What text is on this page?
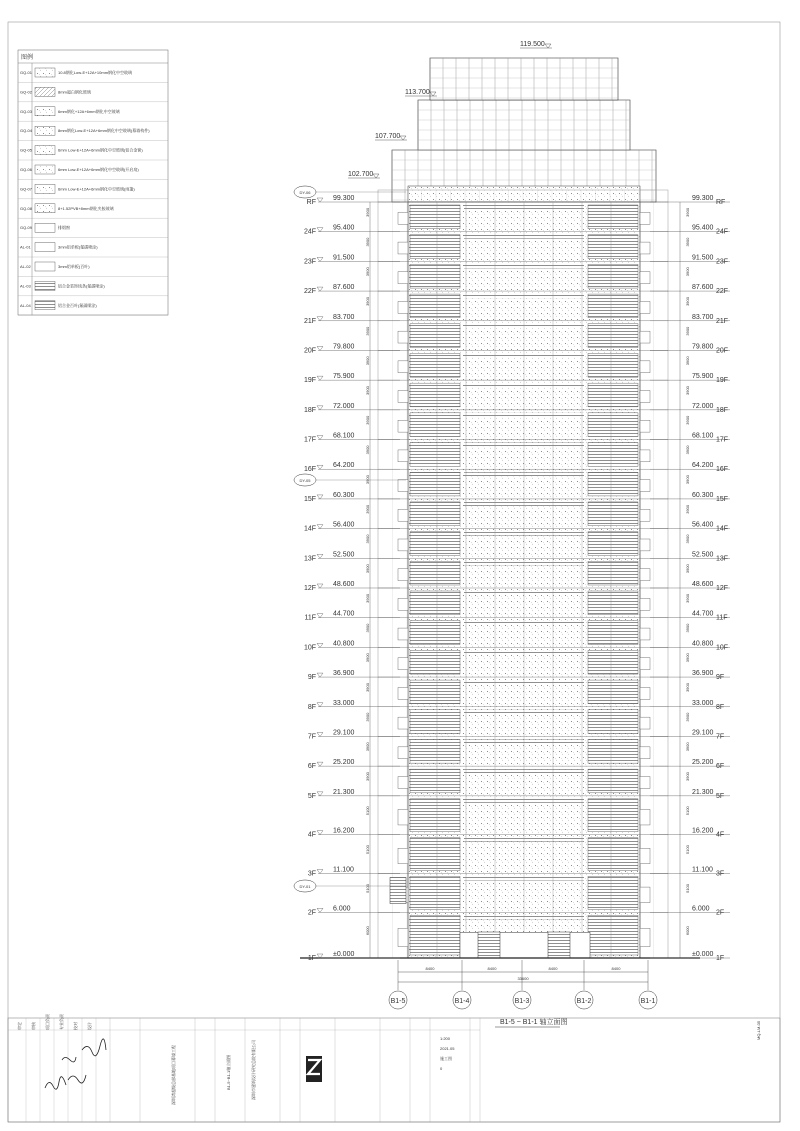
图例
GQ-01	10.8钢化Low-E+12A+10mm钢化中空玻璃
GQ-02	8mm超白钢化玻璃
GQ-03	6mm钢化+12A+6mm钢化中空玻璃
GQ-04	8mm钢化Low-E+12A+6mm钢化中空玻璃(幕墙构件)
GQ-05	6mm Low-E+12A+6mm钢化中空玻璃(铝合金窗)
GQ-06	6mm Low-E+12A+6mm钢化中空玻璃(开启扇)
GQ-07	6mm Low-E+12A+6mm钢化中空玻璃(雨篷)
GQ-08	8+1.52PVB+8mm钢化夹胶玻璃
GQ-09	排烟窗
AL-01	3mm铝单板(氟碳喷涂)
AL-02	3mm铝单板(百叶)
AL-03	铝合金装饰线条(氟碳喷涂)
AL-04	铝合金百叶(氟碳喷涂)
RF
99.300
24F
95.400
23F
91.500
22F
87.600
21F
83.700
20F
79.800
19F
75.900
18F
72.000
17F
68.100
16F
64.200
15F
60.300
14F
56.400
13F
52.500
12F
48.600
11F
44.700
10F
40.800
9F
36.900
8F
33.000
7F
29.100
6F
25.200
5F
21.300
4F
16.200
3F
11.100
2F
6.000
1F
±0.000
3900
3900
3900
3900
3900
3900
3900
3900
3900
3900
3900
3900
3900
3900
3900
3900
3900
3900
3900
3900
5100
5100
5100
6000
DY-06
DY-05
DY-01
99.300
RF
95.400
24F
91.500
23F
87.600
22F
83.700
21F
79.800
20F
75.900
19F
72.000
18F
68.100
17F
64.200
16F
60.300
15F
56.400
14F
52.500
13F
48.600
12F
44.700
11F
40.800
10F
36.900
9F
33.000
8F
29.100
7F
25.200
6F
21.300
5F
16.200
4F
11.100
3F
6.000
2F
±0.000
1F
3900
3900
3900
3900
3900
3900
3900
3900
3900
3900
3900
3900
3900
3900
3900
3900
3900
3900
3900
3900
5100
5100
5100
6000
119.500
113.700
107.700
102.700
B1-5	B1-4	B1-3	B1-2	B1-1
8400	8400	8400	8400
33600
B1-5 ~ B1-1 轴立面图	MQ-LM-05
深圳市建筑设计研究总院有限公司
深圳湾超级总部基地项目幕墙工程	B1-5~B1-1轴立面图
1:200
2021.05
施工图
0
审定 审核 项目负责 专业负责 校对 设计
